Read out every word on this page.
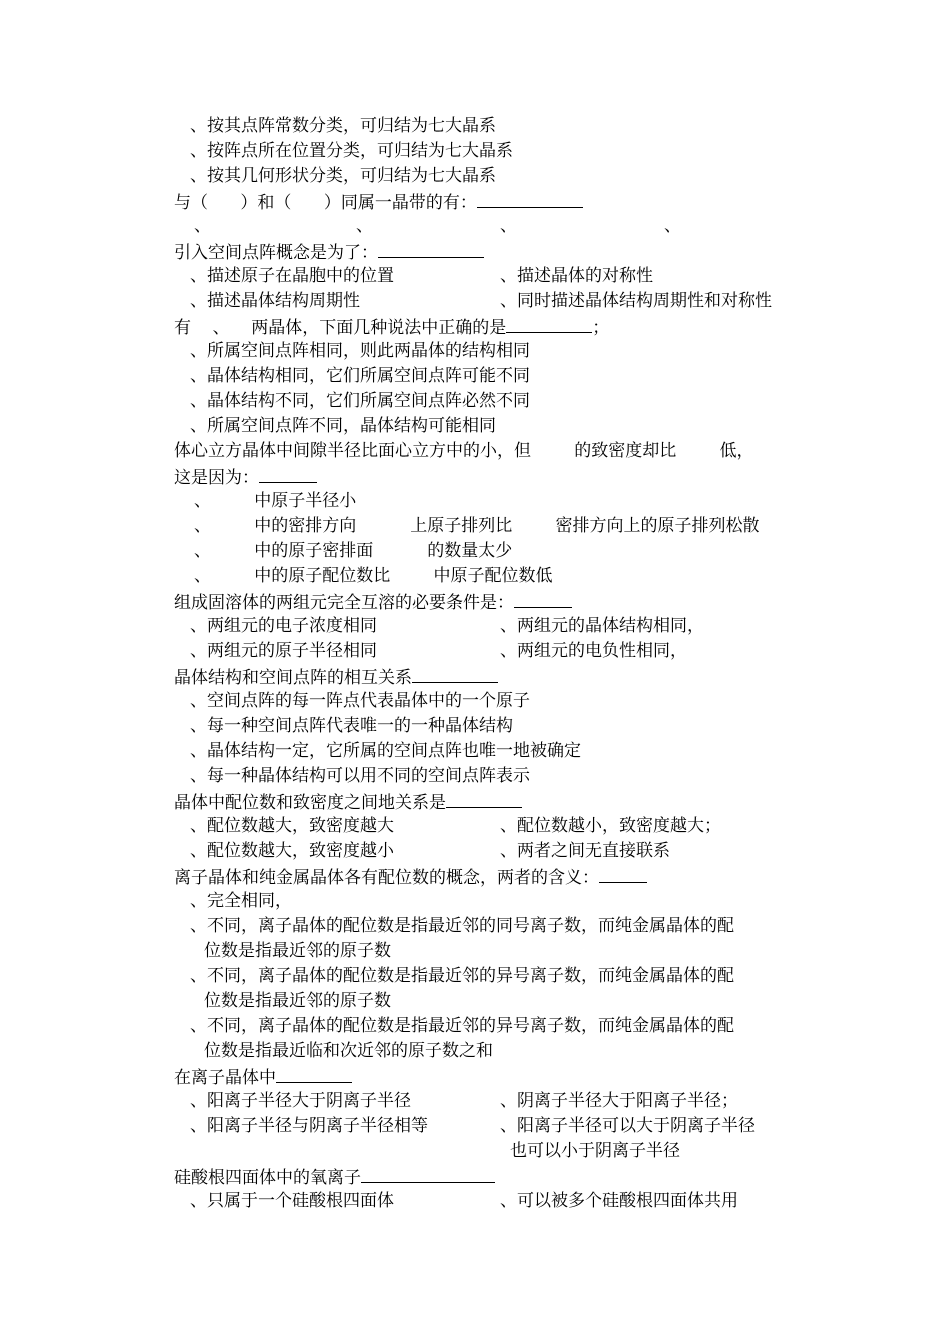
、按其点阵常数分类，可归结为七大晶系
、按阵点所在位置分类，可归结为七大晶系
、按其几何形状分类，可归结为七大晶系
与（      ）和（      ）同属一晶带的有：
、	、	、	、
引入空间点阵概念是为了：
、描述原子在晶胞中的位置	、描述晶体的对称性
、描述晶体结构周期性	、同时描述晶体结构周期性和对称性
有    、    两晶体，下面几种说法中正确的是	；
、所属空间点阵相同，则此两晶体的结构相同
、晶体结构相同，它们所属空间点阵可能不同
、晶体结构不同，它们所属空间点阵必然不同
、所属空间点阵不同，晶体结构可能相同
体心立方晶体中间隙半径比面心立方中的小，但        的致密度却比        低，
这是因为：
、        中原子半径小
、        中的密排方向          上原子排列比        密排方向上的原子排列松散
、        中的原子密排面          的数量太少
、        中的原子配位数比        中原子配位数低
组成固溶体的两组元完全互溶的必要条件是：
、两组元的电子浓度相同	、两组元的晶体结构相同，
、两组元的原子半径相同	、两组元的电负性相同，
晶体结构和空间点阵的相互关系
、空间点阵的每一阵点代表晶体中的一个原子
、每一种空间点阵代表唯一的一种晶体结构
、晶体结构一定，它所属的空间点阵也唯一地被确定
、每一种晶体结构可以用不同的空间点阵表示
晶体中配位数和致密度之间地关系是
、配位数越大，致密度越大	、配位数越小，致密度越大；
、配位数越大，致密度越小	、两者之间无直接联系
离子晶体和纯金属晶体各有配位数的概念，两者的含义：
、完全相同，
、不同，离子晶体的配位数是指最近邻的同号离子数，而纯金属晶体的配
位数是指最近邻的原子数
、不同，离子晶体的配位数是指最近邻的异号离子数，而纯金属晶体的配
位数是指最近邻的原子数
、不同，离子晶体的配位数是指最近邻的异号离子数，而纯金属晶体的配
位数是指最近临和次近邻的原子数之和
在离子晶体中
、阳离子半径大于阴离子半径	、阴离子半径大于阳离子半径；
、阳离子半径与阴离子半径相等	、阳离子半径可以大于阴离子半径
也可以小于阴离子半径
硅酸根四面体中的氧离子
、只属于一个硅酸根四面体	、可以被多个硅酸根四面体共用
